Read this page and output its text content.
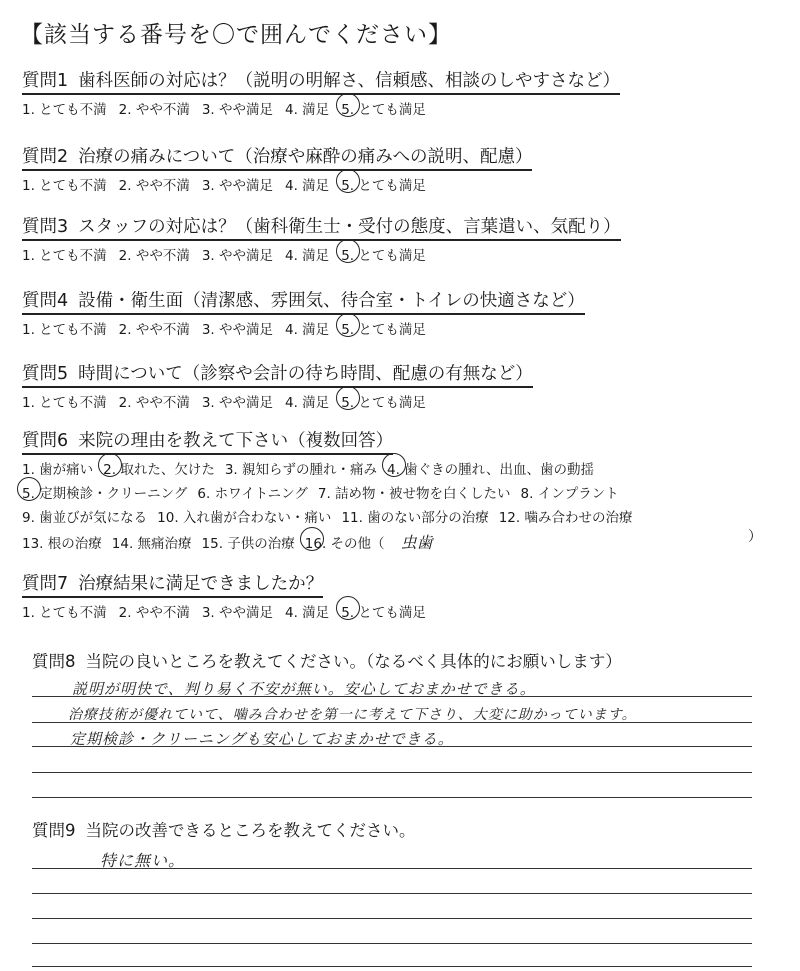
【該当する番号を〇で囲んでください】
質問1 歯科医師の対応は？（説明の明解さ、信頼感、相談のしやすさなど）
1. とても不満 2. やや不満 3. やや満足 4. 満足 5. とても満足
質問2 治療の痛みについて（治療や麻酔の痛みへの説明、配慮）
1. とても不満 2. やや不満 3. やや満足 4. 満足 5. とても満足
質問3 スタッフの対応は？（歯科衛生士・受付の態度、言葉遣い、気配り）
1. とても不満 2. やや不満 3. やや満足 4. 満足 5. とても満足
質問4 設備・衛生面（清潔感、雰囲気、待合室・トイレの快適さなど）
1. とても不満 2. やや不満 3. やや満足 4. 満足 5. とても満足
質問5 時間について（診察や会計の待ち時間、配慮の有無など）
1. とても不満 2. やや不満 3. やや満足 4. 満足 5. とても満足
質問6 来院の理由を教えて下さい（複数回答）
1. 歯が痛い 2. 取れた、欠けた 3. 親知らずの腫れ・痛み 4. 歯ぐきの腫れ、出血、歯の動揺
5. 定期検診・クリーニング 6. ホワイトニング 7. 詰め物・被せ物を白くしたい 8. インプラント
9. 歯並びが気になる 10. 入れ歯が合わない・痛い 11. 歯のない部分の治療 12. 噛み合わせの治療
13. 根の治療 14. 無痛治療 15. 子供の治療 16. その他（ 虫歯	）
質問7 治療結果に満足できましたか？
1. とても不満 2. やや不満 3. やや満足 4. 満足 5. とても満足
質問8 当院の良いところを教えてください。（なるべく具体的にお願いします）
説明が明快で、判り易く不安が無い。安心しておまかせできる。
治療技術が優れていて、噛み合わせを第一に考えて下さり、大変に助かっています。
定期検診・クリーニングも安心しておまかせできる。
質問9 当院の改善できるところを教えてください。
特に無い。
